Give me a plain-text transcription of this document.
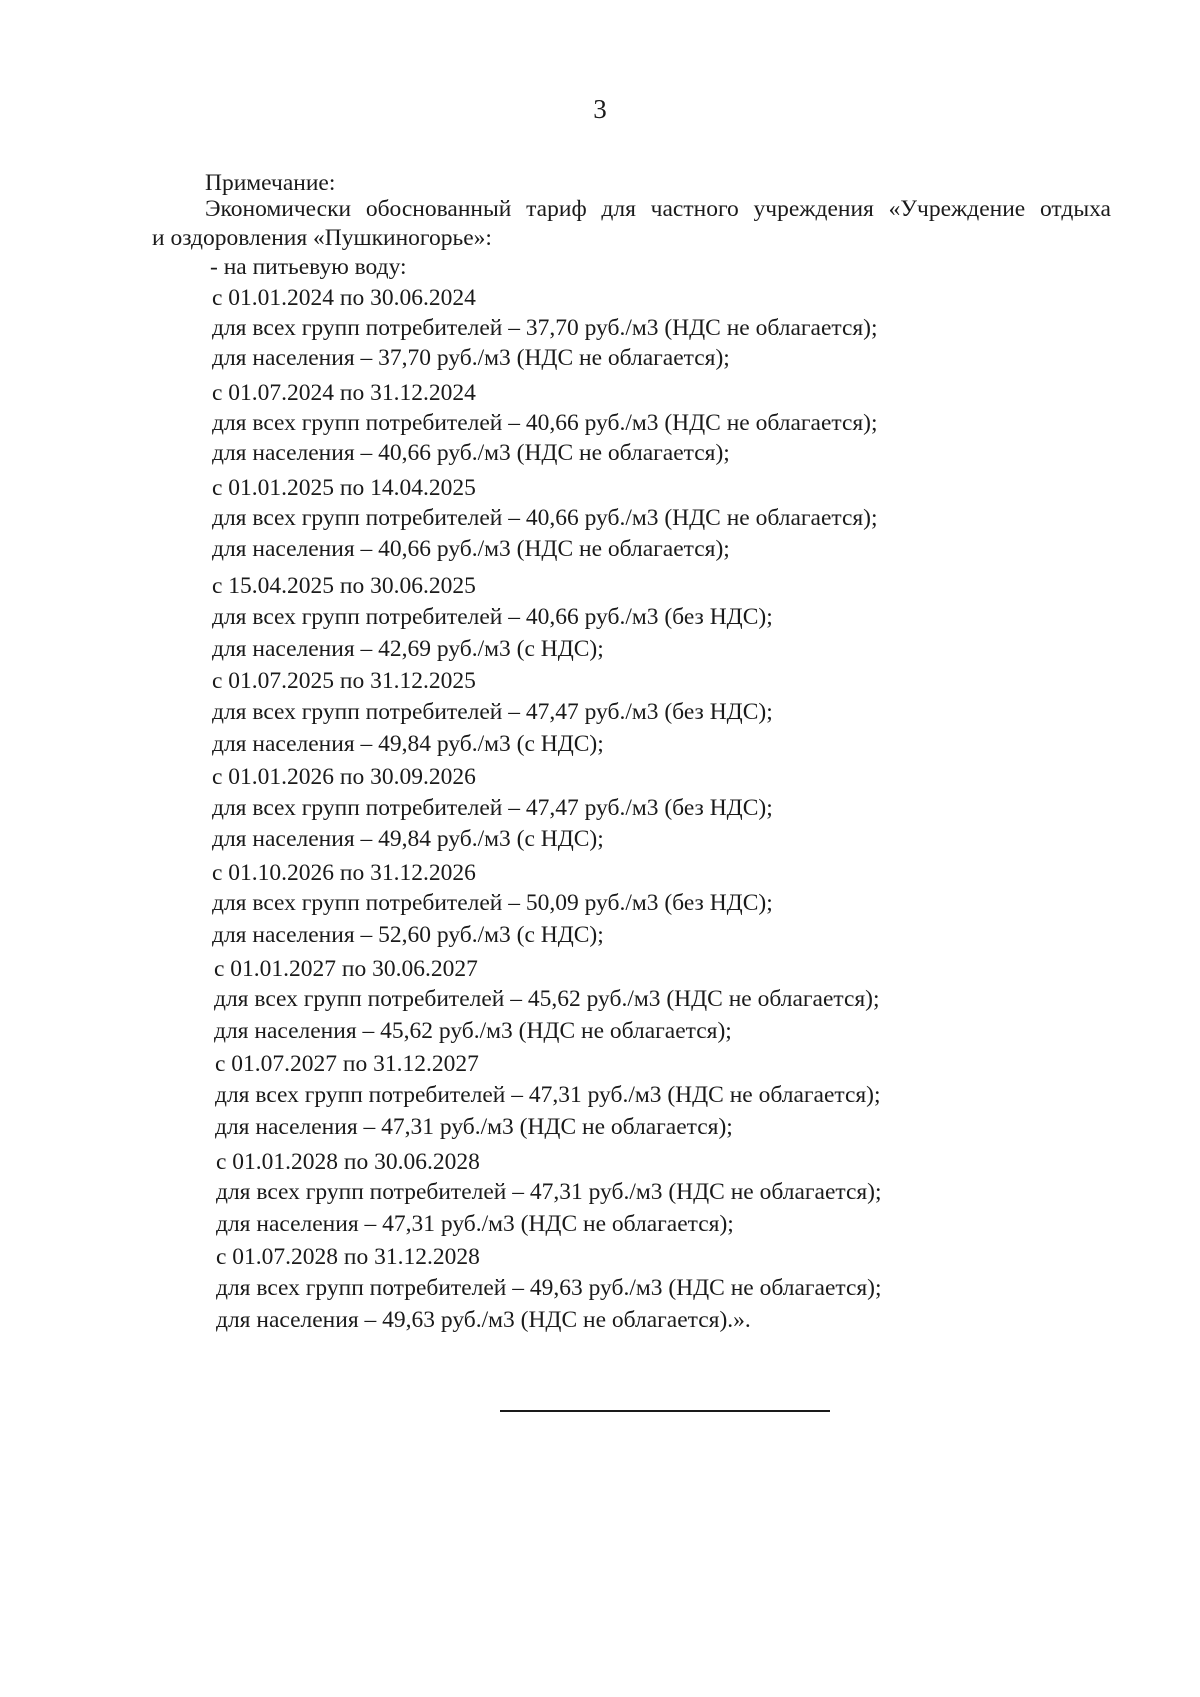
3
Примечание:
Экономически обоснованный тариф для частного учреждения «Учреждение отдыха
и оздоровления «Пушкиногорье»:
- на питьевую воду:
с 01.01.2024 по 30.06.2024
для всех групп потребителей – 37,70 руб./м3 (НДС не облагается);
для населения – 37,70 руб./м3 (НДС не облагается);
с 01.07.2024 по 31.12.2024
для всех групп потребителей – 40,66 руб./м3 (НДС не облагается);
для населения – 40,66 руб./м3 (НДС не облагается);
с 01.01.2025 по 14.04.2025
для всех групп потребителей – 40,66 руб./м3 (НДС не облагается);
для населения – 40,66 руб./м3 (НДС не облагается);
с 15.04.2025 по 30.06.2025
для всех групп потребителей – 40,66 руб./м3 (без НДС);
для населения – 42,69 руб./м3 (с НДС);
с 01.07.2025 по 31.12.2025
для всех групп потребителей – 47,47 руб./м3 (без НДС);
для населения – 49,84 руб./м3 (с НДС);
с 01.01.2026 по 30.09.2026
для всех групп потребителей – 47,47 руб./м3 (без НДС);
для населения – 49,84 руб./м3 (с НДС);
с 01.10.2026 по 31.12.2026
для всех групп потребителей – 50,09 руб./м3 (без НДС);
для населения – 52,60 руб./м3 (с НДС);
с 01.01.2027 по 30.06.2027
для всех групп потребителей – 45,62 руб./м3 (НДС не облагается);
для населения – 45,62 руб./м3 (НДС не облагается);
с 01.07.2027 по 31.12.2027
для всех групп потребителей – 47,31 руб./м3 (НДС не облагается);
для населения – 47,31 руб./м3 (НДС не облагается);
с 01.01.2028 по 30.06.2028
для всех групп потребителей – 47,31 руб./м3 (НДС не облагается);
для населения – 47,31 руб./м3 (НДС не облагается);
с 01.07.2028 по 31.12.2028
для всех групп потребителей – 49,63 руб./м3 (НДС не облагается);
для населения – 49,63 руб./м3 (НДС не облагается).».
